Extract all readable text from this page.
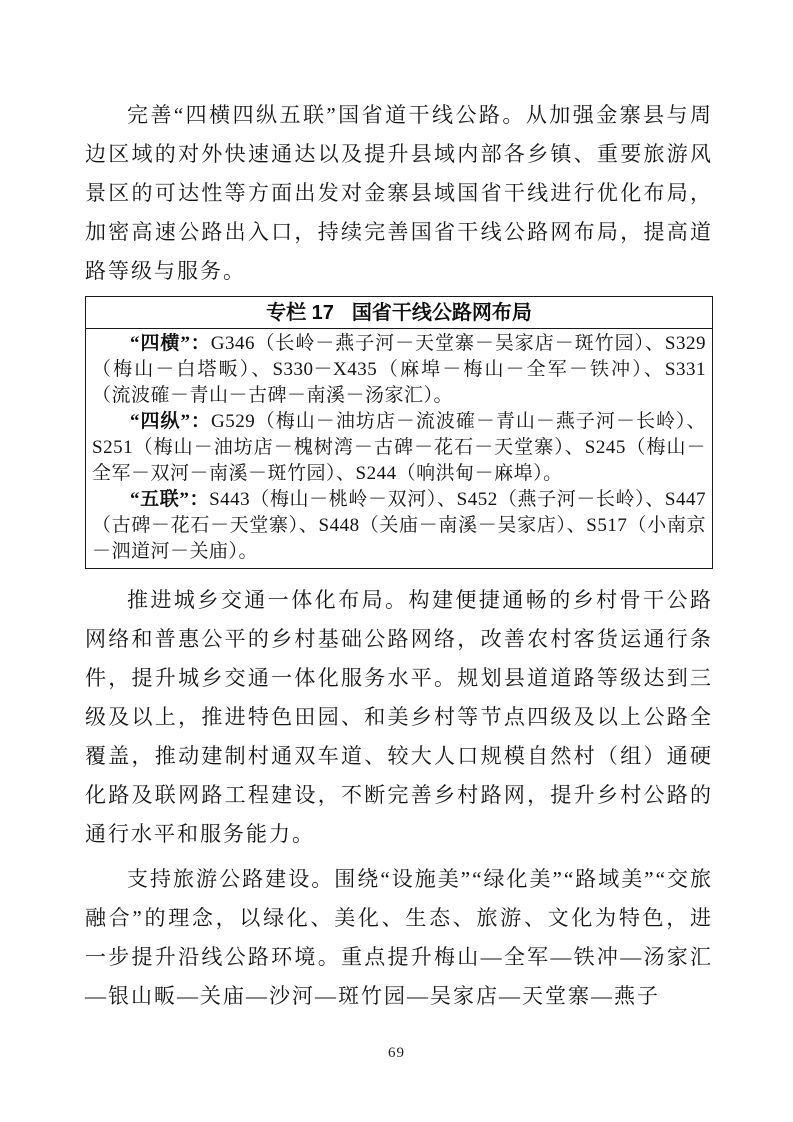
完善“四横四纵五联”国省道干线公路。从加强金寨县与周边区域的对外快速通达以及提升县域内部各乡镇、重要旅游风景区的可达性等方面出发对金寨县域国省干线进行优化布局，加密高速公路出入口，持续完善国省干线公路网布局，提高道路等级与服务。

专栏 17 国省干线公路网布局

“四横”：G346（长岭－燕子河－天堂寨－吴家店－斑竹园）、S329（梅山－白塔畈）、S330－X435（麻埠－梅山－全军－铁冲）、S331（流波確－青山－古碑－南溪－汤家汇）。

“四纵”：G529（梅山－油坊店－流波確－青山－燕子河－长岭）、S251（梅山－油坊店－槐树湾－古碑－花石－天堂寨）、S245（梅山－全军－双河－南溪－斑竹园）、S244（响洪甸－麻埠）。

“五联”：S443（梅山－桃岭－双河）、S452（燕子河－长岭）、S447（古碑－花石－天堂寨）、S448（关庙－南溪－吴家店）、S517（小南京－泗道河－关庙）。

推进城乡交通一体化布局。构建便捷通畅的乡村骨干公路网络和普惠公平的乡村基础公路网络，改善农村客货运通行条件，提升城乡交通一体化服务水平。规划县道道路等级达到三级及以上，推进特色田园、和美乡村等节点四级及以上公路全覆盖，推动建制村通双车道、较大人口规模自然村（组）通硬化路及联网路工程建设，不断完善乡村路网，提升乡村公路的通行水平和服务能力。

支持旅游公路建设。围绕“设施美”“绿化美”“路域美”“交旅融合”的理念，以绿化、美化、生态、旅游、文化为特色，进一步提升沿线公路环境。重点提升梅山—全军—铁冲—汤家汇—银山畈—关庙—沙河—斑竹园—吴家店—天堂寨—燕子

69
